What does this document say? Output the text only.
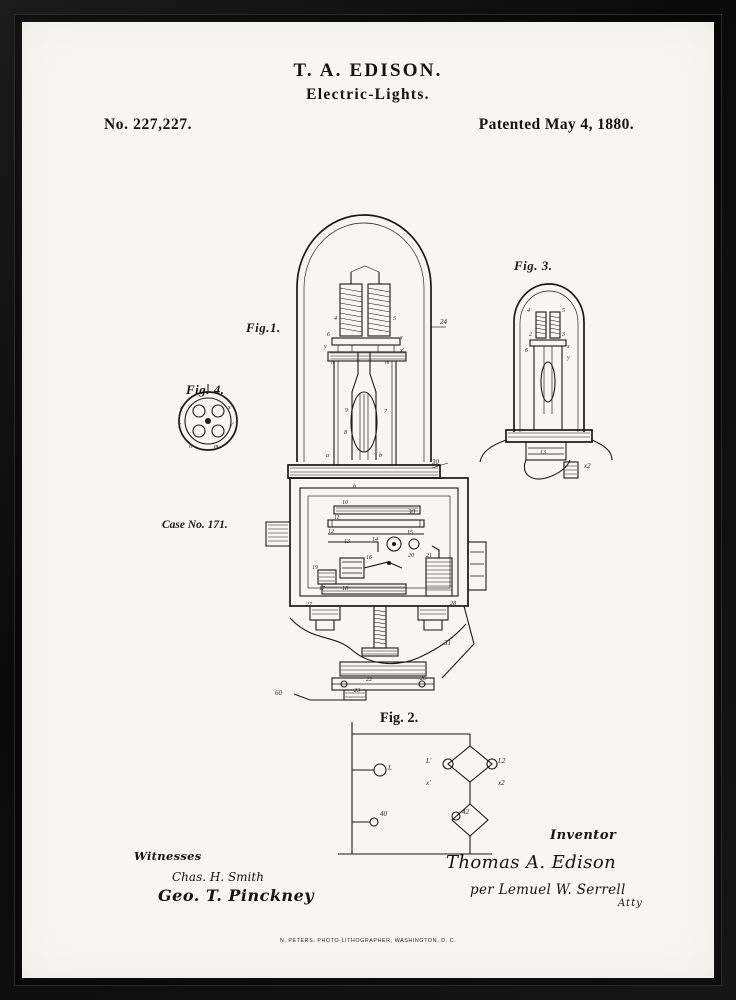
T. A. EDISON.
Electric-Lights.
No. 227,227.	Patented May 4, 1880.
Fig.1.
Fig. 2.
Fig. 3.
Fig. 4.
Case No. 171.
24
30
4	5
6
7
8
9
x
x'
y
n	m
a	b
h
10
11
12
13	14
15
16
17	18
19
20 21
22
23
26
27	28
31
60
30
2	3
4	5
6
x
y
13
x2
x	x'
y	y'
n	m
L
L'	L2
x'	x2
40	42
Witnesses
Chas. H. Smith
Geo. T. Pinckney
Inventor
Thomas A. Edison
per Lemuel W. Serrell
Atty
N. PETERS, PHOTO-LITHOGRAPHER, WASHINGTON, D. C.
